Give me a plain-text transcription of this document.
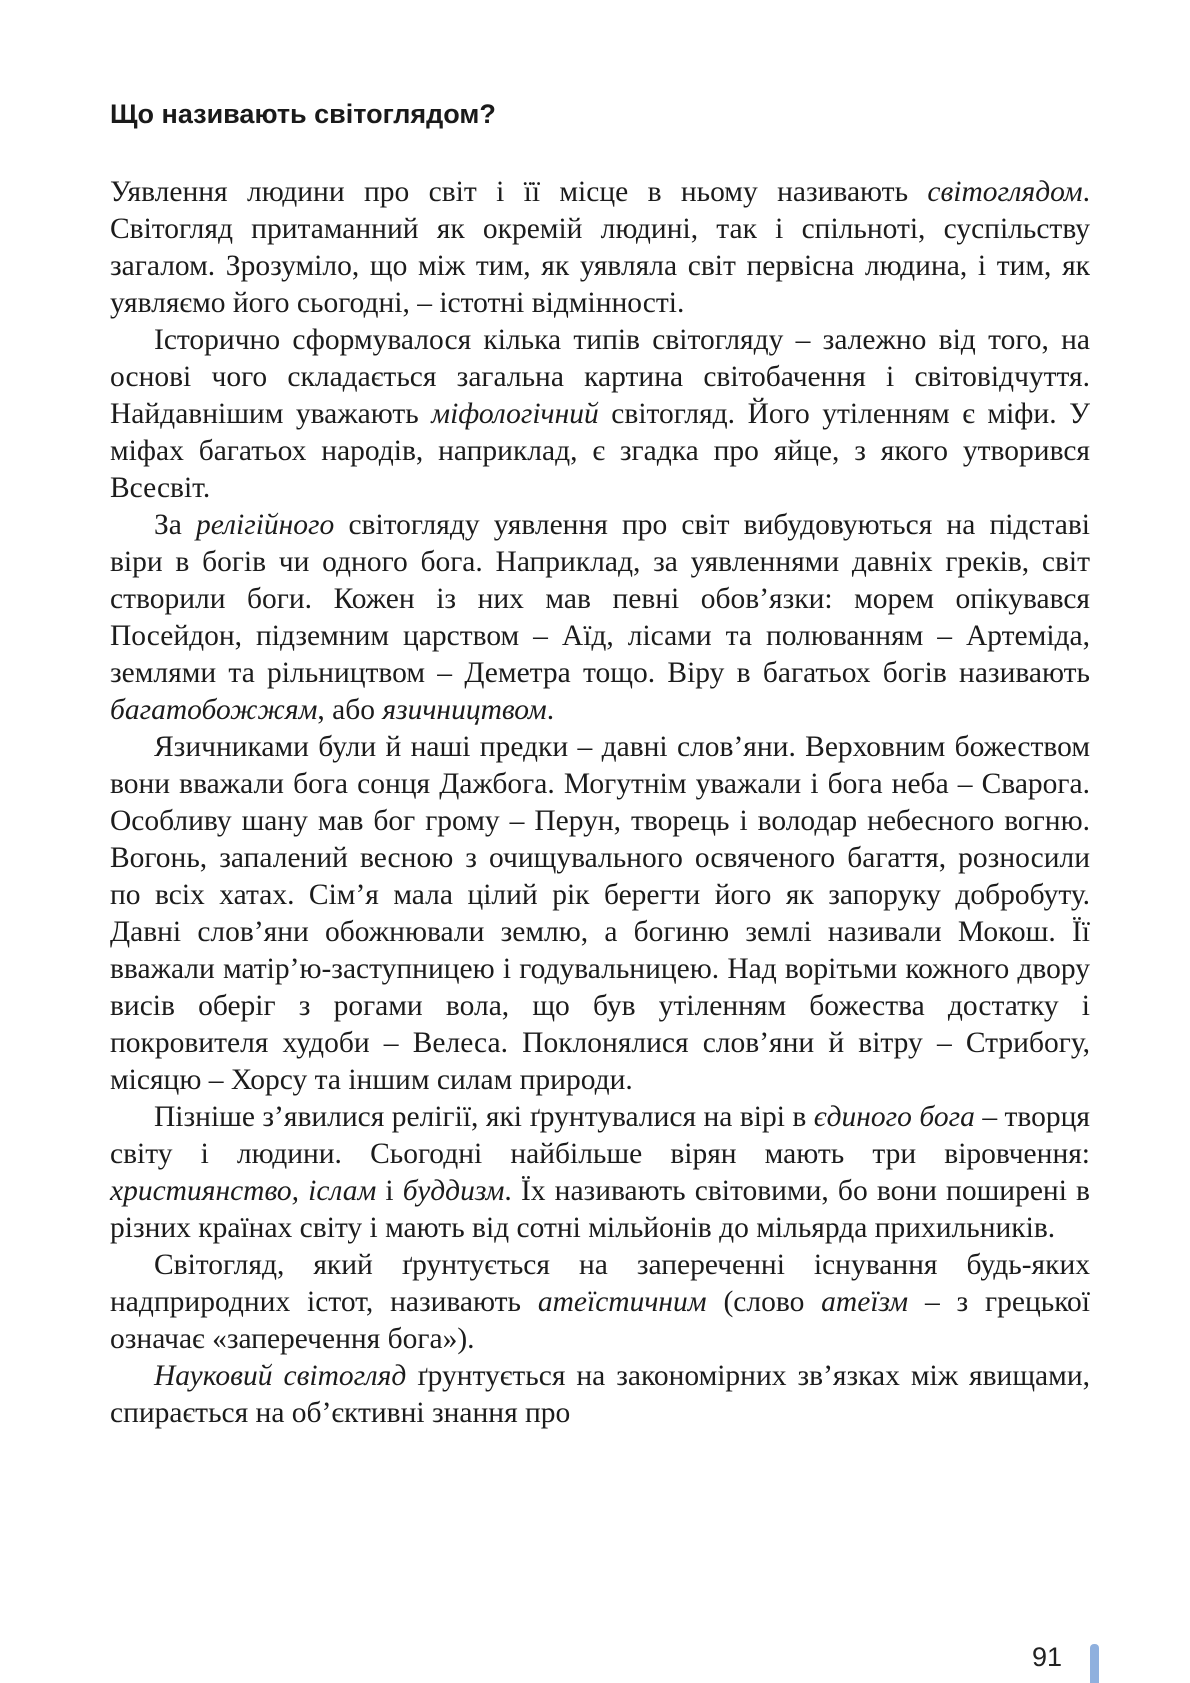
Що називають світоглядом?

Уявлення людини про світ і її місце в ньому називають світоглядом. Світогляд притаманний як окремій людині, так і спільноті, суспільству загалом. Зрозуміло, що між тим, як уявляла світ первісна людина, і тим, як уявляємо його сьогодні, – істотні відмінності.

Історично сформувалося кілька типів світогляду – залежно від того, на основі чого складається загальна картина світобачення і світовідчуття. Найдавнішим уважають міфологічний світогляд. Його утіленням є міфи. У міфах багатьох народів, наприклад, є згадка про яйце, з якого утворився Всесвіт.

За релігійного світогляду уявлення про світ вибудовуються на підставі віри в богів чи одного бога. Наприклад, за уявленнями давніх греків, світ створили боги. Кожен із них мав певні обов’язки: морем опікувався Посейдон, підземним царством – Аїд, лісами та полюванням – Артеміда, землями та рільництвом – Деметра тощо. Віру в багатьох богів називають багатобожжям, або язичництвом.

Язичниками були й наші предки – давні слов’яни. Верховним божеством вони вважали бога сонця Дажбога. Могутнім уважали і бога неба – Сварога. Особливу шану мав бог грому – Перун, творець і володар небесного вогню. Вогонь, запалений весною з очищувального освяченого багаття, розносили по всіх хатах. Сім’я мала цілий рік берегти його як запоруку добробуту. Давні слов’яни обожнювали землю, а богиню землі називали Мокош. Її вважали матір’ю-заступницею і годувальницею. Над ворітьми кожного двору висів оберіг з рогами вола, що був утіленням божества достатку і покровителя худоби – Велеса. Поклонялися слов’яни й вітру – Стрибогу, місяцю – Хорсу та іншим силам природи.

Пізніше з’явилися релігії, які ґрунтувалися на вірі в єдиного бога – творця світу і людини. Сьогодні найбільше вірян мають три віровчення: християнство, іслам і буддизм. Їх називають світовими, бо вони поширені в різних країнах світу і мають від сотні мільйонів до мільярда прихильників.

Світогляд, який ґрунтується на запереченні існування будь-яких надприродних істот, називають атеїстичним (слово атеїзм – з грецької означає «заперечення бога»).

Науковий світогляд ґрунтується на закономірних зв’язках між явищами, спирається на об’єктивні знання про

91
